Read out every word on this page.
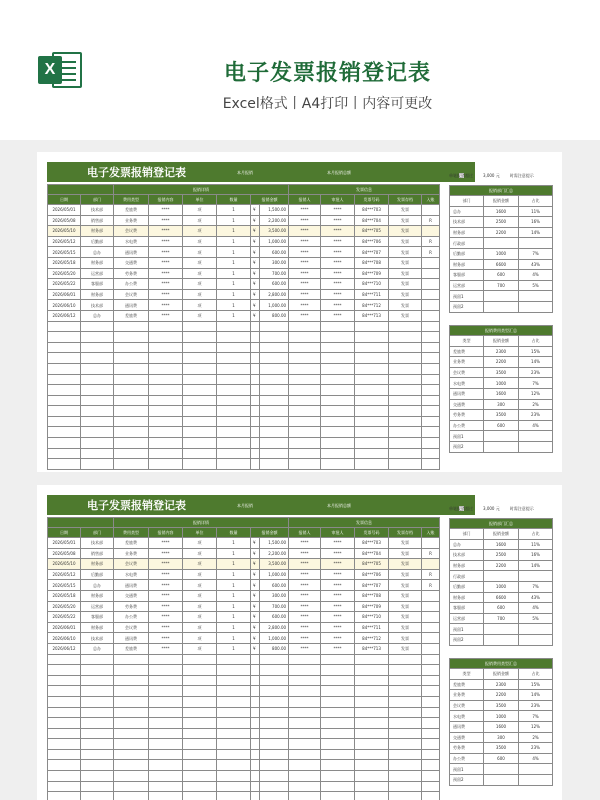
X	电子发票报销登记表
Excel格式丨A4打印丨内容可更改
电子发票报销登记表	本月报销	本月报销总额
		报销详情						发票信息				
日期	部门	费用类型	报销内容	单位	数量	报销金额		报销人	审批人	发票号码	发票存档	入账
2026/05/01	技术部	差旅费	****	项	1	¥	1,500.00	****	****	84***703	发票	
2026/05/08	销售部	业务费	****	项	1	¥	2,200.00	****	****	84***704	发票	R
2026/05/10	财务部	会议费	****	项	1	¥	3,500.00	****	****	84***705	发票	
2026/05/12	后勤部	水电费	****	项	1	¥	1,000.00	****	****	84***706	发票	R
2026/05/15	总办	通讯费	****	项	1	¥	600.00	****	****	84***707	发票	R
2026/05/18	财务部	交通费	****	项	1	¥	300.00	****	****	84***708	发票	
2026/05/20	运营部	劳务费	****	项	1	¥	700.00	****	****	84***709	发票	
2026/05/22	客服部	办公费	****	项	1	¥	600.00	****	****	84***710	发票	
2026/06/01	财务部	会议费	****	项	1	¥	2,800.00	****	****	84***711	发票	
2026/06/10	技术部	通讯费	****	项	1	¥	1,000.00	****	****	84***712	发票	
2026/06/12	总办	差旅费	****	项	1	¥	800.00	****	****	84***713	发票	

单笔报销超过	3,000 元	时需注意提示
报销部门汇总		
部门	报销金额	占比
总办	1600	11%
技术部	2500	16%
财务部	2200	14%
行政部		
后勤部	1000	7%
财务部	6600	43%
客服部	600	4%
运营部	700	5%
预留1		
预留2		
报销费用类型汇总		
类型	报销金额	占比
差旅费	2300	15%
业务费	2200	14%
会议费	3500	23%
水电费	1000	7%
通讯费	1600	12%
交通费	300	2%
劳务费	3500	23%
办公费	600	4%
预留1		
预留2		
电子发票报销登记表	本月报销	本月报销总额
		报销详情						发票信息				
日期	部门	费用类型	报销内容	单位	数量	报销金额		报销人	审批人	发票号码	发票存档	入账
2026/05/01	技术部	差旅费	****	项	1	¥	1,500.00	****	****	84***703	发票	
2026/05/08	销售部	业务费	****	项	1	¥	2,200.00	****	****	84***704	发票	R
2026/05/10	财务部	会议费	****	项	1	¥	3,500.00	****	****	84***705	发票	
2026/05/12	后勤部	水电费	****	项	1	¥	1,000.00	****	****	84***706	发票	R
2026/05/15	总办	通讯费	****	项	1	¥	600.00	****	****	84***707	发票	R
2026/05/18	财务部	交通费	****	项	1	¥	300.00	****	****	84***708	发票	
2026/05/20	运营部	劳务费	****	项	1	¥	700.00	****	****	84***709	发票	
2026/05/22	客服部	办公费	****	项	1	¥	600.00	****	****	84***710	发票	
2026/06/01	财务部	会议费	****	项	1	¥	2,800.00	****	****	84***711	发票	
2026/06/10	技术部	通讯费	****	项	1	¥	1,000.00	****	****	84***712	发票	
2026/06/12	总办	差旅费	****	项	1	¥	800.00	****	****	84***713	发票	

单笔报销超过	3,000 元	时需注意提示
报销部门汇总		
部门	报销金额	占比
总办	1600	11%
技术部	2500	16%
财务部	2200	14%
行政部		
后勤部	1000	7%
财务部	6600	43%
客服部	600	4%
运营部	700	5%
预留1		
预留2		
报销费用类型汇总		
类型	报销金额	占比
差旅费	2300	15%
业务费	2200	14%
会议费	3500	23%
水电费	1000	7%
通讯费	1600	12%
交通费	300	2%
劳务费	3500	23%
办公费	600	4%
预留1		
预留2		
